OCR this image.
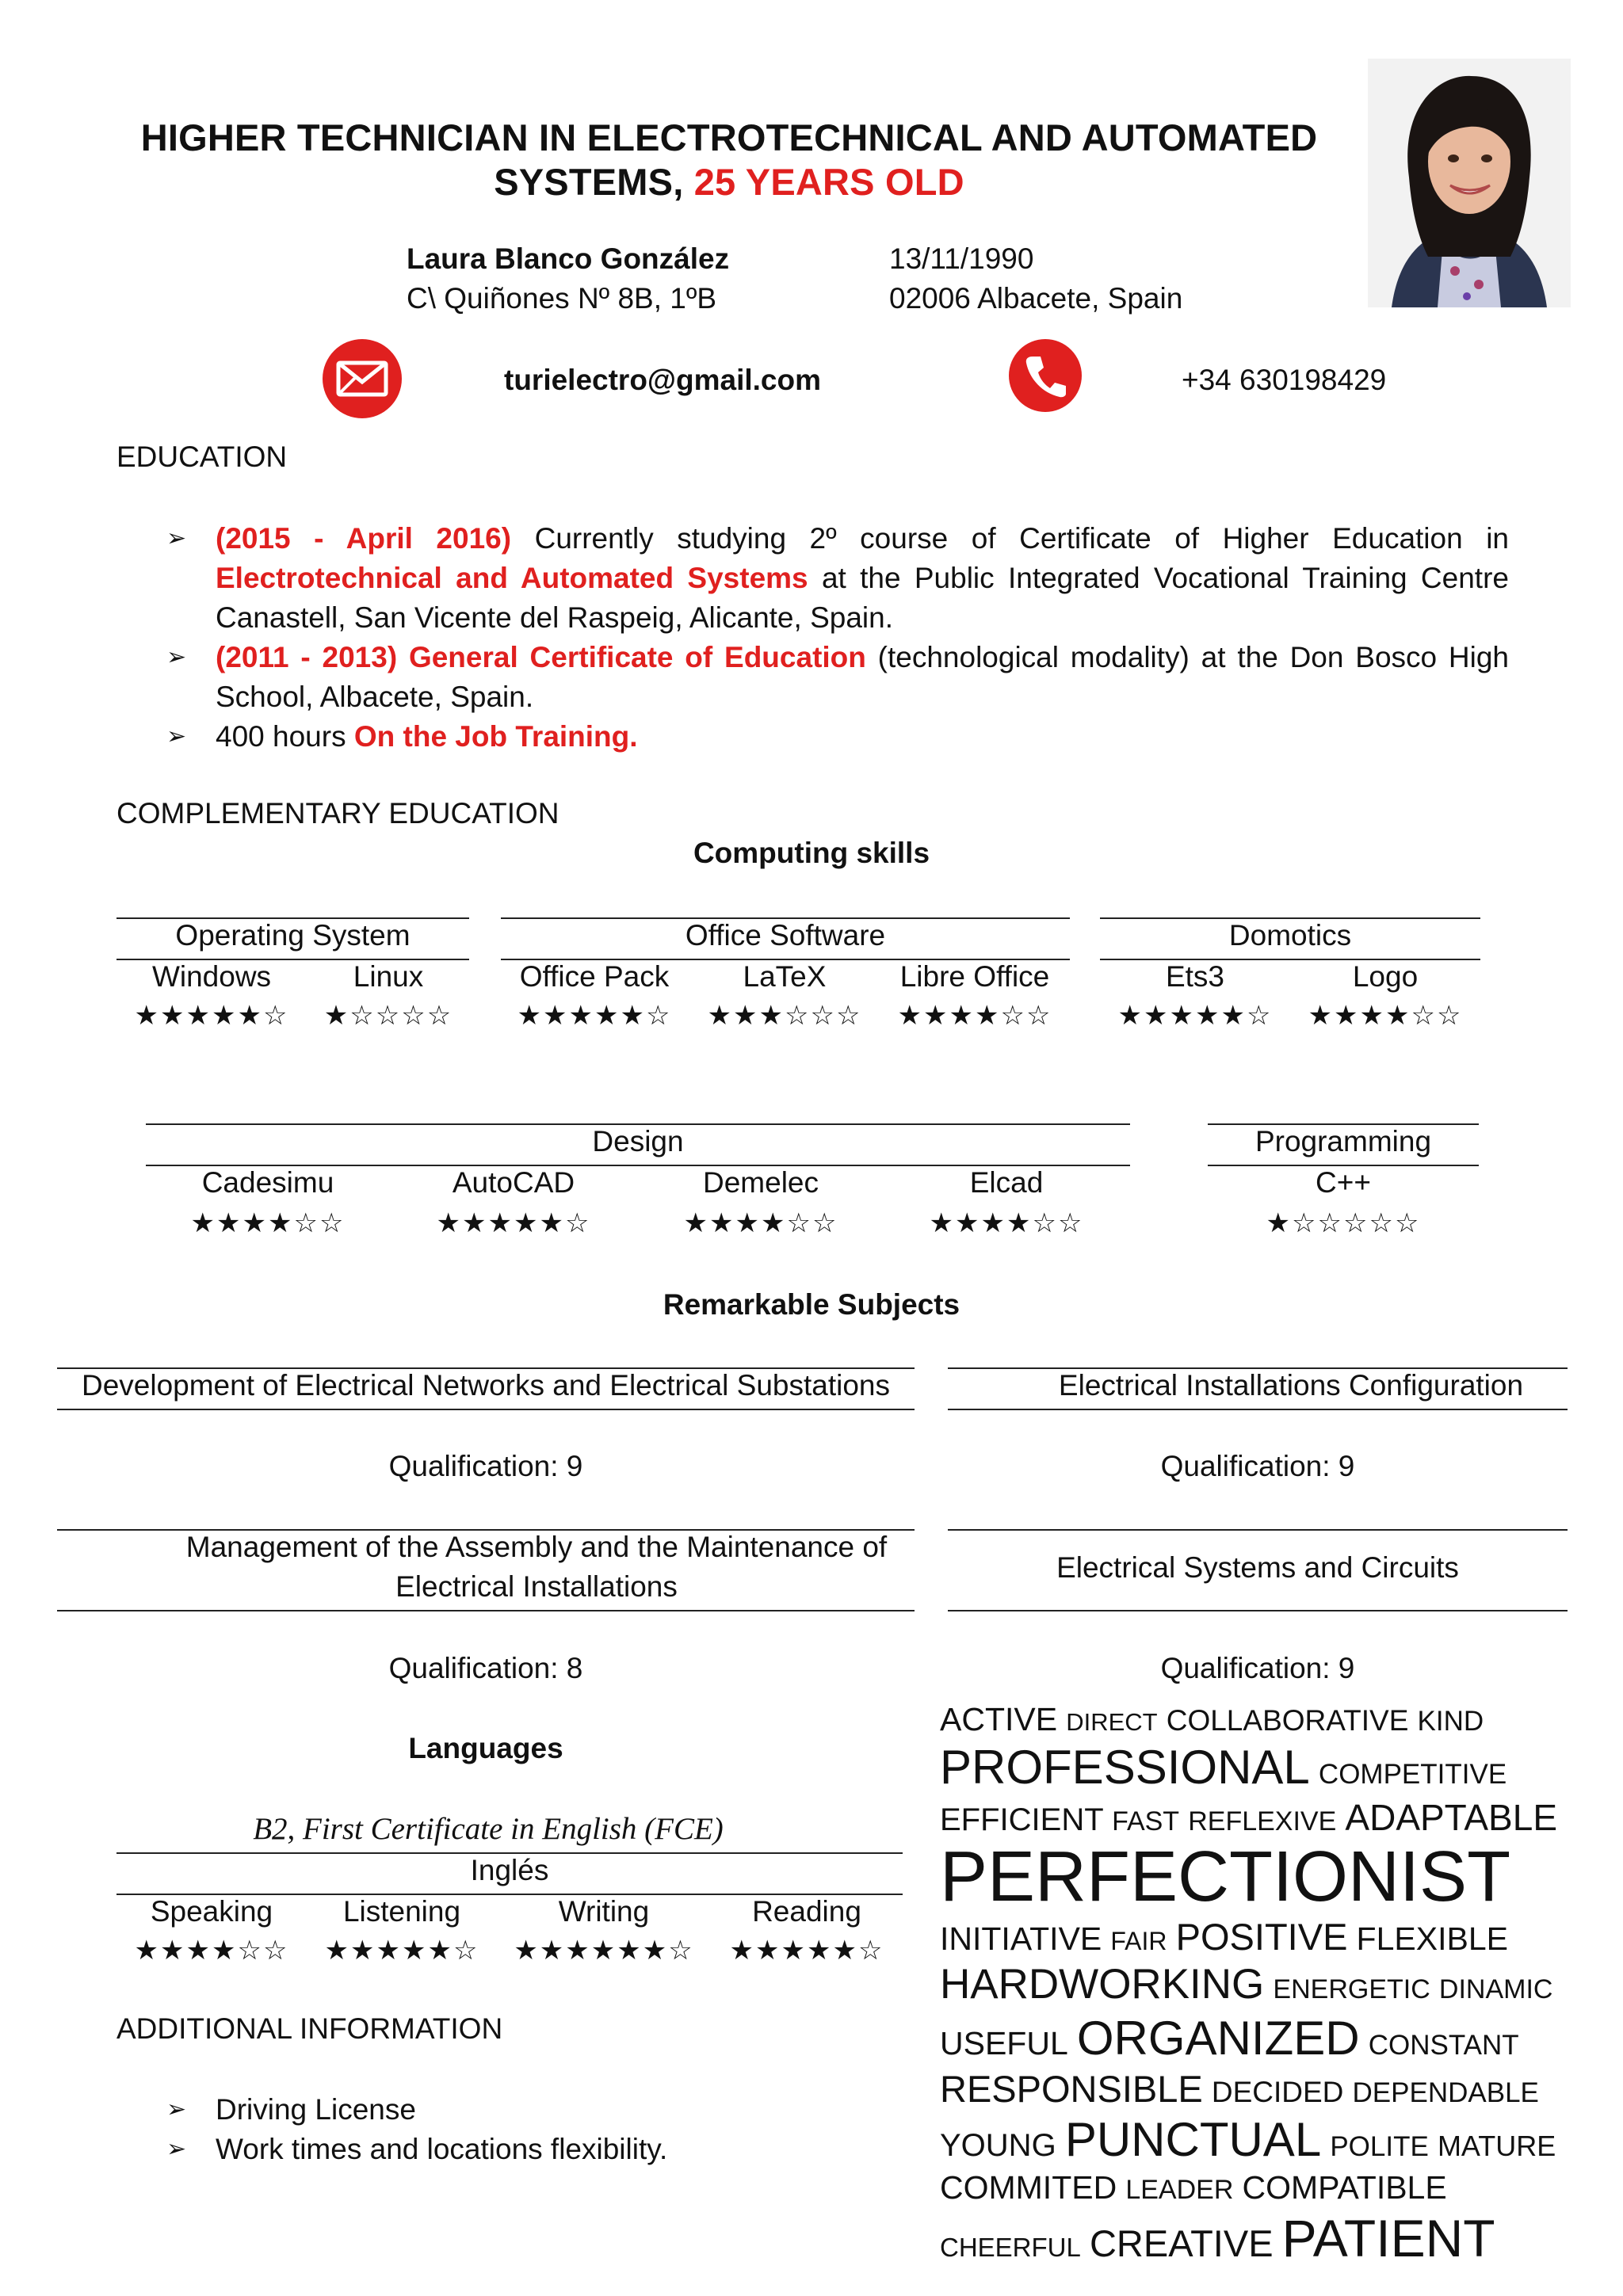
HIGHER TECHNICIAN IN ELECTROTECHNICAL AND AUTOMATED
SYSTEMS, 25 YEARS OLD
Laura Blanco González
C\ Quiñones Nº 8B, 1ºB
13/11/1990
02006 Albacete, Spain
turielectro@gmail.com	+34 630198429
EDUCATION
➢ (2015 - April 2016) Currently studying 2º course of Certificate of Higher Education in Electrotechnical and Automated Systems at the Public Integrated Vocational Training Centre Canastell, San Vicente del Raspeig, Alicante, Spain.
➢ (2011 - 2013) General Certificate of Education (technological modality) at the Don Bosco High School, Albacete, Spain.
➢ 400 hours On the Job Training.
COMPLEMENTARY EDUCATION
Computing skills
Operating System
Windows	Linux
★★★★★☆	★☆☆☆☆
Office Software
Office Pack	LaTeX	Libre Office
★★★★★☆	★★★☆☆☆	★★★★☆☆
Domotics
Ets3	Logo
★★★★★☆	★★★★☆☆
Design
Cadesimu	AutoCAD	Demelec	Elcad
★★★★☆☆	★★★★★☆	★★★★☆☆	★★★★☆☆
Programming
C++
★☆☆☆☆☆
Remarkable Subjects
Development of Electrical Networks and Electrical Substations
Qualification: 9
Electrical Installations Configuration
Qualification: 9
Management of the Assembly and the Maintenance of
Electrical Installations
Qualification: 8
Electrical Systems and Circuits
Qualification: 9
Languages
B2, First Certificate in English (FCE)
Inglés
Speaking	Listening	Writing	Reading
★★★★☆☆	★★★★★☆	★★★★★★☆	★★★★★☆
ADDITIONAL INFORMATION
➢ Driving License
➢ Work times and locations flexibility.
ACTIVE DIRECT COLLABORATIVE KIND
PROFESSIONAL COMPETITIVE
EFFICIENT FAST REFLEXIVE ADAPTABLE
PERFECTIONIST
INITIATIVE FAIR POSITIVE FLEXIBLE
HARDWORKING ENERGETIC DINAMIC
USEFUL ORGANIZED CONSTANT
RESPONSIBLE DECIDED DEPENDABLE
YOUNG PUNCTUAL POLITE MATURE
COMMITED LEADER COMPATIBLE
CHEERFUL CREATIVE PATIENT
